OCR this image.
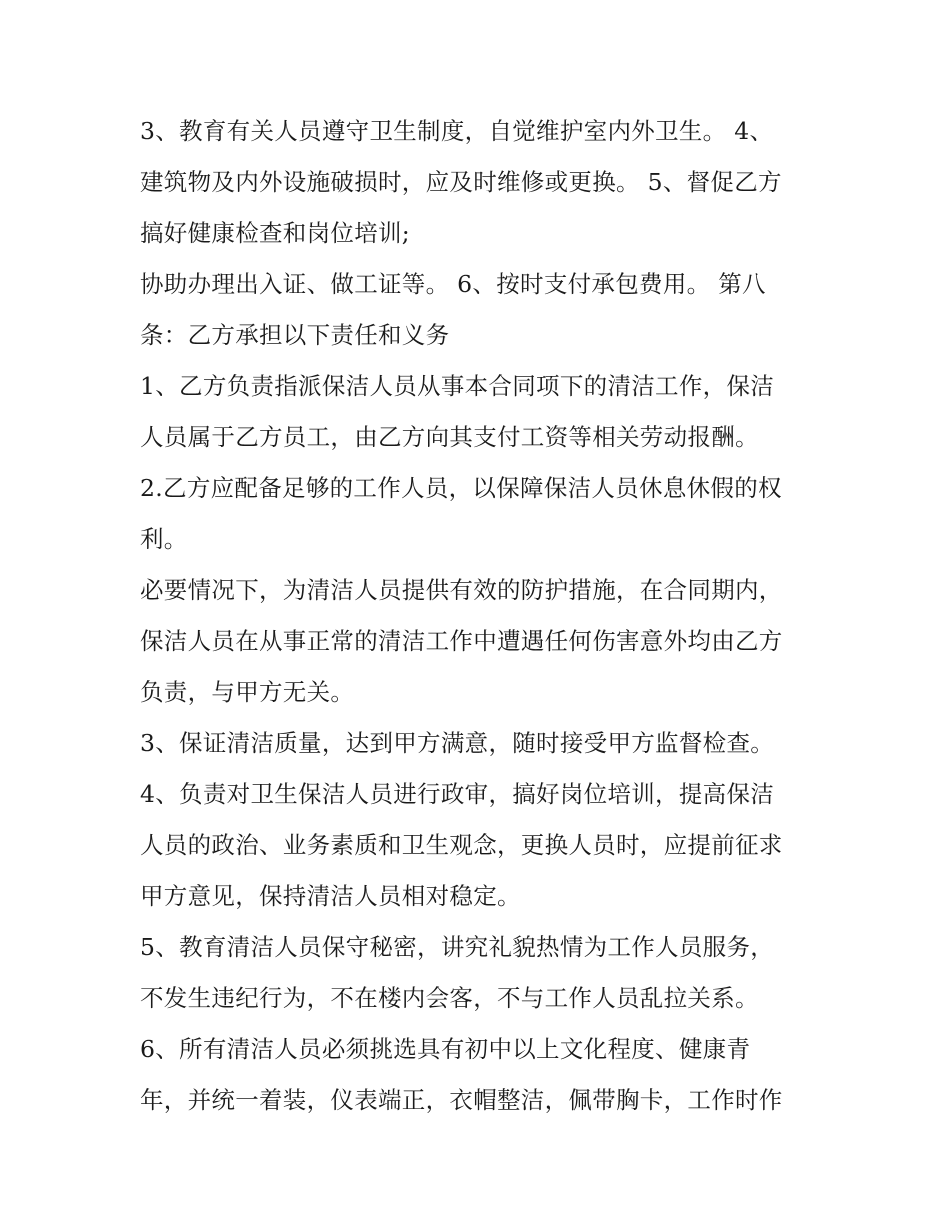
3、教育有关人员遵守卫生制度，自觉维护室内外卫生。 4、
建筑物及内外设施破损时，应及时维修或更换。 5、督促乙方
搞好健康检查和岗位培训;
协助办理出入证、做工证等。 6、按时支付承包费用。 第八
条：乙方承担以下责任和义务
1、乙方负责指派保洁人员从事本合同项下的清洁工作，保洁
人员属于乙方员工，由乙方向其支付工资等相关劳动报酬。
2.乙方应配备足够的工作人员，以保障保洁人员休息休假的权
利。
必要情况下，为清洁人员提供有效的防护措施，在合同期内，
保洁人员在从事正常的清洁工作中遭遇任何伤害意外均由乙方
负责，与甲方无关。
3、保证清洁质量，达到甲方满意，随时接受甲方监督检查。
4、负责对卫生保洁人员进行政审，搞好岗位培训，提高保洁
人员的政治、业务素质和卫生观念，更换人员时，应提前征求
甲方意见，保持清洁人员相对稳定。
5、教育清洁人员保守秘密，讲究礼貌热情为工作人员服务，
不发生违纪行为，不在楼内会客，不与工作人员乱拉关系。
6、所有清洁人员必须挑选具有初中以上文化程度、健康青
年，并统一着装，仪表端正，衣帽整洁，佩带胸卡，工作时作
